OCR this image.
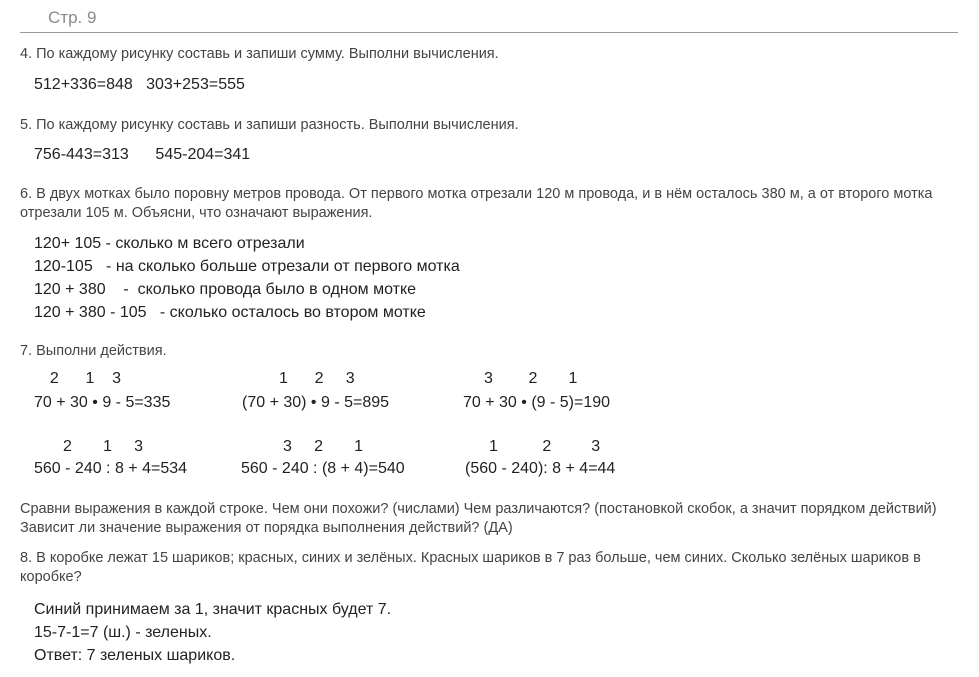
Стр. 9
4. По каждому рисунку составь и запиши сумму. Выполни вычисления.
512+336=848   303+253=555
5. По каждому рисунку составь и запиши разность. Выполни вычисления.
756-443=313      545-204=341
6. В двух мотках было поровну метров провода. От первого мотка отрезали 120 м провода, и в нём осталось 380 м, а от второго мотка отрезали 105 м. Объясни, что означают выражения.
120+ 105 - сколько м всего отрезали
120-105   - на сколько больше отрезали от первого мотка
120 + 380    -  сколько провода было в одном мотке
120 + 380 - 105   - сколько осталось во втором мотке
7. Выполни действия.
2      1    3
70 + 30 • 9 - 5=335
1      2     3
(70 + 30) • 9 - 5=895
3        2       1
70 + 30 • (9 - 5)=190
2       1     3
560 - 240 : 8 + 4=534
3     2       1
560 - 240 : (8 + 4)=540
1          2         3
(560 - 240): 8 + 4=44
Сравни выражения в каждой строке. Чем они похожи? (числами) Чем различаются? (постановкой скобок, а значит порядком действий) Зависит ли значение выражения от порядка выполнения действий? (ДА)
8. В коробке лежат 15 шариков; красных, синих и зелёных. Красных шариков в 7 раз больше, чем синих. Сколько зелёных шариков в коробке?
Синий принимаем за 1, значит красных будет 7.
15-7-1=7 (ш.) - зеленых.
Ответ: 7 зеленых шариков.
